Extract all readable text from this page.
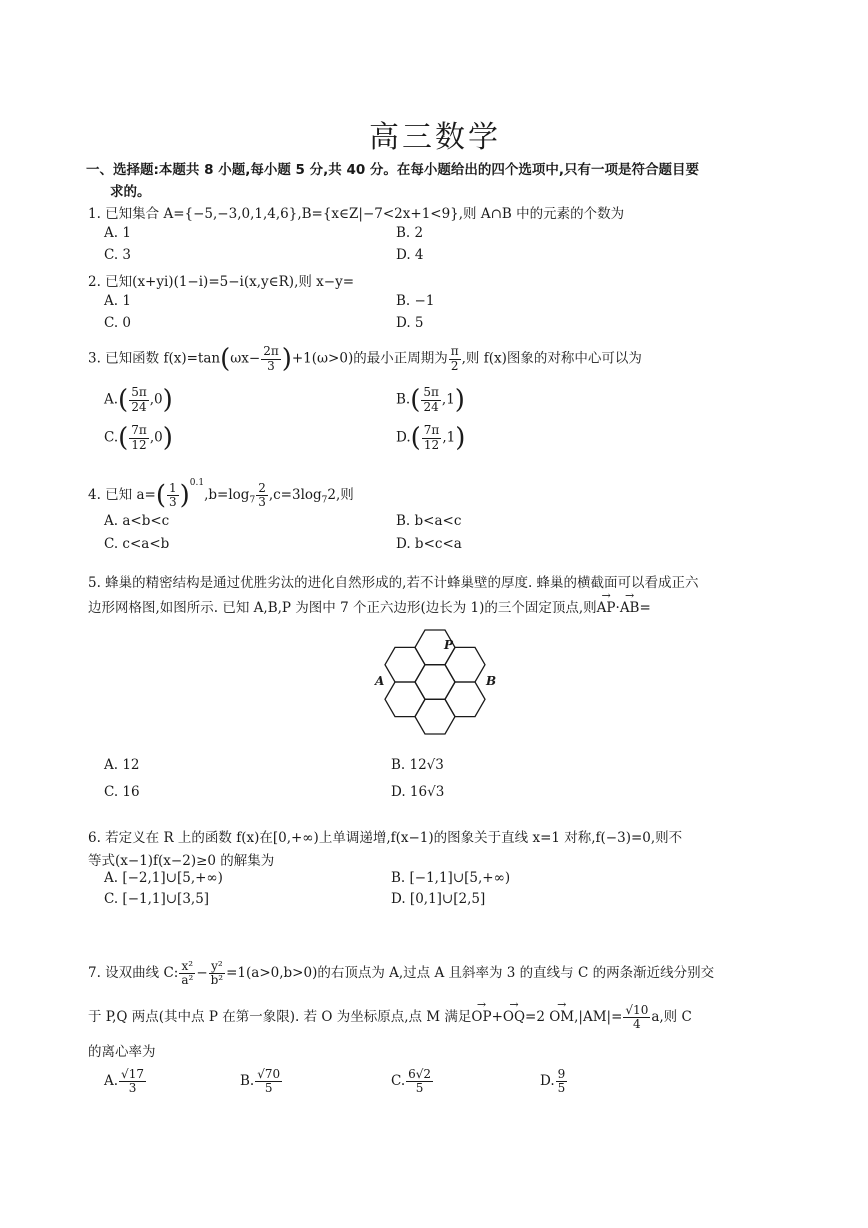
高三数学
一、选择题:本题共 8 小题,每小题 5 分,共 40 分。在每小题给出的四个选项中,只有一项是符合题目要
求的。
1. 已知集合 A={−5,−3,0,1,4,6},B={x∈Z|−7<2x+1<9},则 A∩B 中的元素的个数为
A. 1	B. 2
C. 3	D. 4
2. 已知(x+yi)(1−i)=5−i(x,y∈R),则 x−y=
A. 1	B. −1
C. 0	D. 5
3. 已知函数 $f(x)=\tan(\omega x- \frac{2\pi}{3} )+1(\omega>0)$的最小正周期为 $\frac{\pi}{2}$ ,则 f(x)图象的对称中心可以为
$A.( \frac{5\pi}{24} ,0)$	$B.( \frac{5\pi}{24} ,1)$
$C.( \frac{7\pi}{12} ,0)$	$D.( \frac{7\pi}{12} ,1)$
4. 已知 $a=( \frac{1}{3} )^{0.1},b=\log_7 \frac{2}{3} ,c=3\log_72$,则
A. a<b<c	B. b<a<c
C. c<a<b	D. b<c<a
5. 蜂巢的精密结构是通过优胜劣汰的进化自然形成的,若不计蜂巢壁的厚度. 蜂巢的横截面可以看成正六
边形网格图,如图所示. 已知 A,B,P 为图中 7 个正六边形(边长为 1)的三个固定顶点,则→ AP·→ AB=
P
A	B
A. 12	B. 12√3
C. 16	D. 16√3
6. 若定义在 R 上的函数 f(x)在[0,+∞)上单调递增,f(x−1)的图象关于直线 x=1 对称,f(−3)=0,则不
等式(x−1)f(x−2)≥0 的解集为
A. [−2,1]∪[5,+∞)	B. [−1,1]∪[5,+∞)
C. [−1,1]∪[3,5]	D. [0,1]∪[2,5]
7. 设双曲线 C: $\frac{\text{x²}}{\text{a²}} - \frac{\text{y²}}{\text{b²}} =1(a>0,b>0)$的右顶点为 A,过点 A 且斜率为 3 的直线与 C 的两条渐近线分别交
于 P,Q 两点(其中点 P 在第一象限). 若 O 为坐标原点,点 M 满足→ $OP+\to OQ=2 \to OM,|AM|= \frac{√10}{4} a$,则 C
的离心率为
A. $\frac{√17}{3}$	B. $\frac{√70}{5}$	C. $\frac{6√2}{5}$	D. $\frac{9}{5}$
